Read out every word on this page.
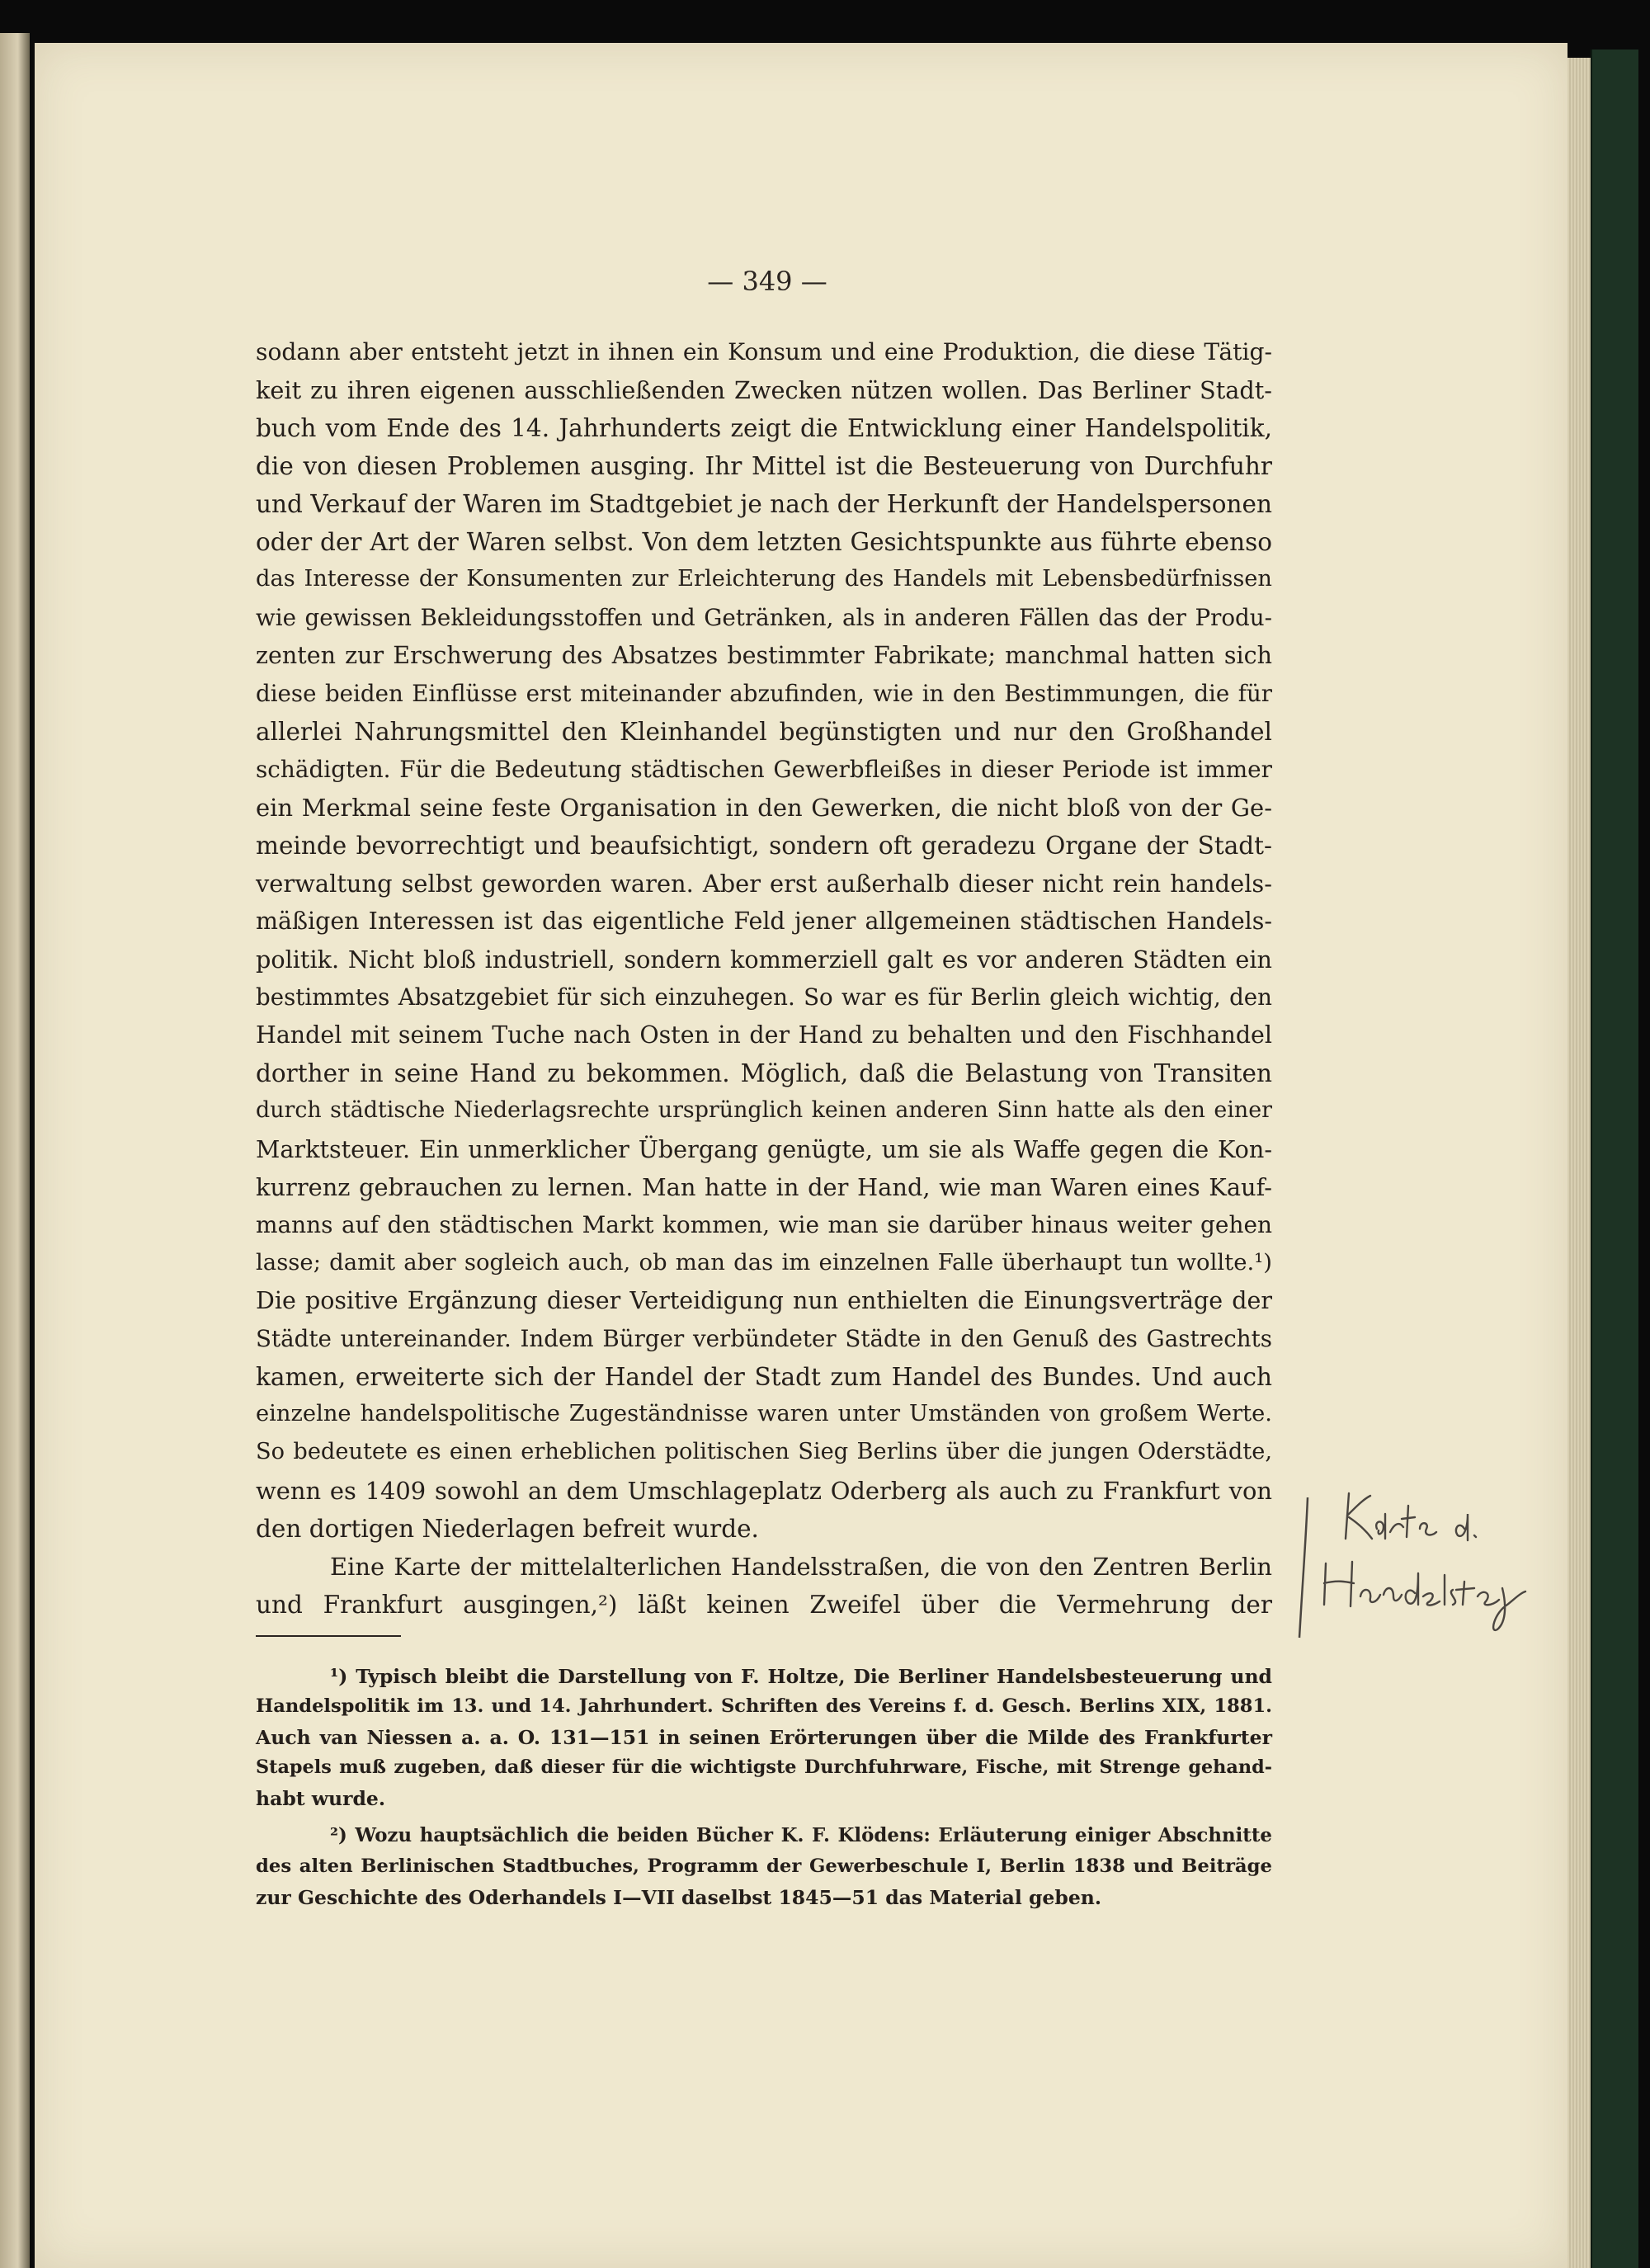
— 349 —
sodann aber entsteht jetzt in ihnen ein Konsum und eine Produktion, die diese Tätig-
keit zu ihren eigenen ausschließenden Zwecken nützen wollen. Das Berliner Stadt-
buch vom Ende des 14. Jahrhunderts zeigt die Entwicklung einer Handelspolitik,
die von diesen Problemen ausging. Ihr Mittel ist die Besteuerung von Durchfuhr
und Verkauf der Waren im Stadtgebiet je nach der Herkunft der Handelspersonen
oder der Art der Waren selbst. Von dem letzten Gesichtspunkte aus führte ebenso
das Interesse der Konsumenten zur Erleichterung des Handels mit Lebensbedürfnissen
wie gewissen Bekleidungsstoffen und Getränken, als in anderen Fällen das der Produ-
zenten zur Erschwerung des Absatzes bestimmter Fabrikate; manchmal hatten sich
diese beiden Einflüsse erst miteinander abzufinden, wie in den Bestimmungen, die für
allerlei Nahrungsmittel den Kleinhandel begünstigten und nur den Großhandel
schädigten. Für die Bedeutung städtischen Gewerbfleißes in dieser Periode ist immer
ein Merkmal seine feste Organisation in den Gewerken, die nicht bloß von der Ge-
meinde bevorrechtigt und beaufsichtigt, sondern oft geradezu Organe der Stadt-
verwaltung selbst geworden waren. Aber erst außerhalb dieser nicht rein handels-
mäßigen Interessen ist das eigentliche Feld jener allgemeinen städtischen Handels-
politik. Nicht bloß industriell, sondern kommerziell galt es vor anderen Städten ein
bestimmtes Absatzgebiet für sich einzuhegen. So war es für Berlin gleich wichtig, den
Handel mit seinem Tuche nach Osten in der Hand zu behalten und den Fischhandel
dorther in seine Hand zu bekommen. Möglich, daß die Belastung von Transiten
durch städtische Niederlagsrechte ursprünglich keinen anderen Sinn hatte als den einer
Marktsteuer. Ein unmerklicher Übergang genügte, um sie als Waffe gegen die Kon-
kurrenz gebrauchen zu lernen. Man hatte in der Hand, wie man Waren eines Kauf-
manns auf den städtischen Markt kommen, wie man sie darüber hinaus weiter gehen
lasse; damit aber sogleich auch, ob man das im einzelnen Falle überhaupt tun wollte.¹)
Die positive Ergänzung dieser Verteidigung nun enthielten die Einungsverträge der
Städte untereinander. Indem Bürger verbündeter Städte in den Genuß des Gastrechts
kamen, erweiterte sich der Handel der Stadt zum Handel des Bundes. Und auch
einzelne handelspolitische Zugeständnisse waren unter Umständen von großem Werte.
So bedeutete es einen erheblichen politischen Sieg Berlins über die jungen Oderstädte,
wenn es 1409 sowohl an dem Umschlageplatz Oderberg als auch zu Frankfurt von
den dortigen Niederlagen befreit wurde.
Eine Karte der mittelalterlichen Handelsstraßen, die von den Zentren Berlin
und Frankfurt ausgingen,²) läßt keinen Zweifel über die Vermehrung der
¹) Typisch bleibt die Darstellung von F. Holtze, Die Berliner Handelsbesteuerung und
Handelspolitik im 13. und 14. Jahrhundert. Schriften des Vereins f. d. Gesch. Berlins XIX, 1881.
Auch van Niessen a. a. O. 131—151 in seinen Erörterungen über die Milde des Frankfurter
Stapels muß zugeben, daß dieser für die wichtigste Durchfuhrware, Fische, mit Strenge gehand-
habt wurde.
²) Wozu hauptsächlich die beiden Bücher K. F. Klödens: Erläuterung einiger Abschnitte
des alten Berlinischen Stadtbuches, Programm der Gewerbeschule I, Berlin 1838 und Beiträge
zur Geschichte des Oderhandels I—VII daselbst 1845—51 das Material geben.
